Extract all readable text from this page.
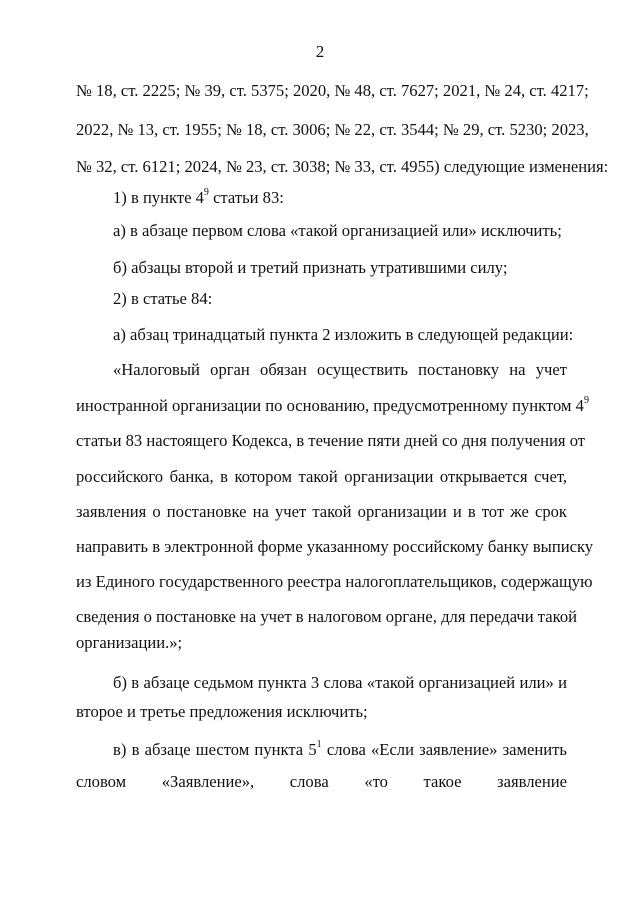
2
№ 18, ст. 2225; № 39, ст. 5375; 2020, № 48, ст. 7627; 2021, № 24, ст. 4217;
2022, № 13, ст. 1955; № 18, ст. 3006; № 22, ст. 3544; № 29, ст. 5230; 2023,
№ 32, ст. 6121; 2024, № 23, ст. 3038; № 33, ст. 4955) следующие изменения:
1) в пункте $4^9$ статьи 83:
а) в абзаце первом слова «такой организацией или» исключить;
б) абзацы второй и третий признать утратившими силу;
2) в статье 84:
а) абзац тринадцатый пункта 2 изложить в следующей редакции:
«Налоговый орган обязан осуществить постановку на учет
иностранной организации по основанию, предусмотренному пунктом $4^9$
статьи 83 настоящего Кодекса, в течение пяти дней со дня получения от
российского банка, в котором такой организации открывается счет,
заявления о постановке на учет такой организации и в тот же срок
направить в электронной форме указанному российскому банку выписку
из Единого государственного реестра налогоплательщиков, содержащую
сведения о постановке на учет в налоговом органе, для передачи такой
организации.»;
б) в абзаце седьмом пункта 3 слова «такой организацией или» и
второе и третье предложения исключить;
в) в абзаце шестом пункта $5^1$ слова «Если заявление» заменить
словом «Заявление», слова «то такое заявление
